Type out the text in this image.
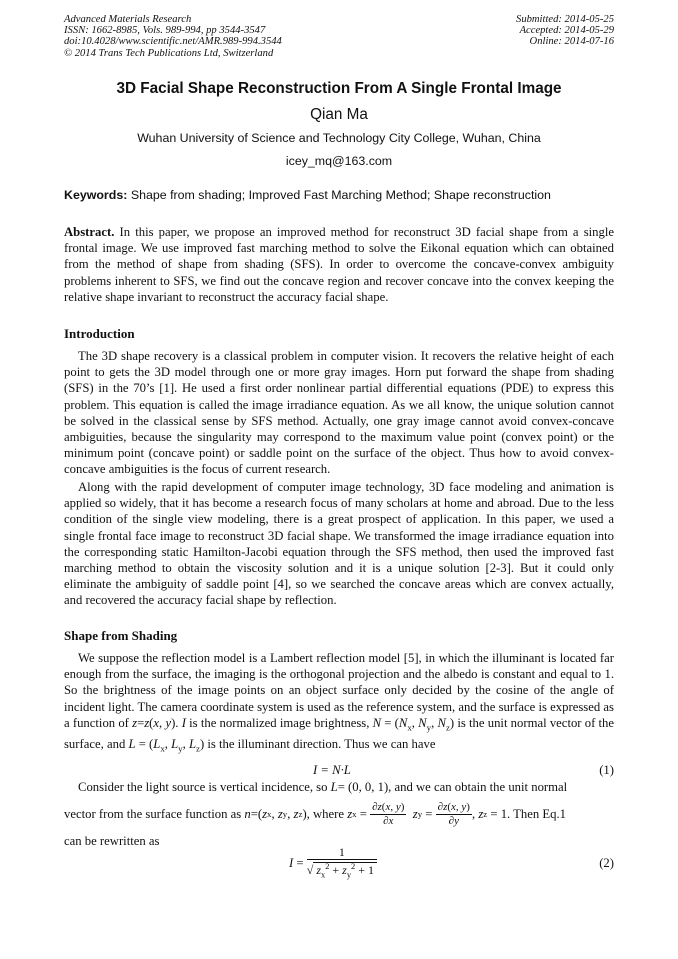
Advanced Materials Research
ISSN: 1662-8985, Vols. 989-994, pp 3544-3547
doi:10.4028/www.scientific.net/AMR.989-994.3544
© 2014 Trans Tech Publications Ltd, Switzerland
Submitted: 2014-05-25
Accepted: 2014-05-29
Online: 2014-07-16
3D Facial Shape Reconstruction From A Single Frontal Image
Qian Ma
Wuhan University of Science and Technology City College, Wuhan, China
icey_mq@163.com
Keywords: Shape from shading; Improved Fast Marching Method; Shape reconstruction
Abstract. In this paper, we propose an improved method for reconstruct 3D facial shape from a single frontal image. We use improved fast marching method to solve the Eikonal equation which can obtained from the method of shape from shading (SFS). In order to overcome the concave-convex ambiguity problems inherent to SFS, we find out the concave region and recover concave into the convex keeping the relative shape invariant to reconstruct the accuracy facial shape.
Introduction
The 3D shape recovery is a classical problem in computer vision. It recovers the relative height of each point to gets the 3D model through one or more gray images. Horn put forward the shape from shading (SFS) in the 70’s [1]. He used a first order nonlinear partial differential equations (PDE) to express this problem. This equation is called the image irradiance equation. As we all know, the unique solution cannot be solved in the classical sense by SFS method. Actually, one gray image cannot avoid convex-concave ambiguities, because the singularity may correspond to the maximum value point (convex point) or the minimum point (concave point) or saddle point on the surface of the object. Thus how to avoid convex-concave ambiguities is the focus of current research.
Along with the rapid development of computer image technology, 3D face modeling and animation is applied so widely, that it has become a research focus of many scholars at home and abroad. Due to the less condition of the single view modeling, there is a great prospect of application. In this paper, we used a single frontal face image to reconstruct 3D facial shape. We transformed the image irradiance equation into the corresponding static Hamilton-Jacobi equation through the SFS method, then used the improved fast marching method to obtain the viscosity solution and it is a unique solution [2-3]. But it could only eliminate the ambiguity of saddle point [4], so we searched the concave areas which are convex actually, and recovered the accuracy facial shape by reflection.
Shape from Shading
We suppose the reflection model is a Lambert reflection model [5], in which the illuminant is located far enough from the surface, the imaging is the orthogonal projection and the albedo is constant and equal to 1. So the brightness of the image points on an object surface only decided by the cosine of the angle of incident light. The camera coordinate system is used as the reference system, and the surface is expressed as a function of z=z(x, y). I is the normalized image brightness, $N = (N_x$, $N_y$, $N_z$) is the unit normal vector of the surface, and $L = (L_x$, $L_y$, $L_z$) is the illuminant direction. Thus we can have
I = N·L	(1)
Consider the light source is vertical incidence, so L= (0, 0, 1), and we can obtain the unit normal
vector from the surface function as
n =( z x , z y , z z ), where
z $x = \frac{\partial z(x, y)}{\partial x}$
z $y = \frac{\partial z(x, y)}{\partial y}$ , z z = 1 . Then Eq.1
can be rewritten as
$I = \frac{1}{√ z_x^2 + z_y^2 + 1}$	(2)
